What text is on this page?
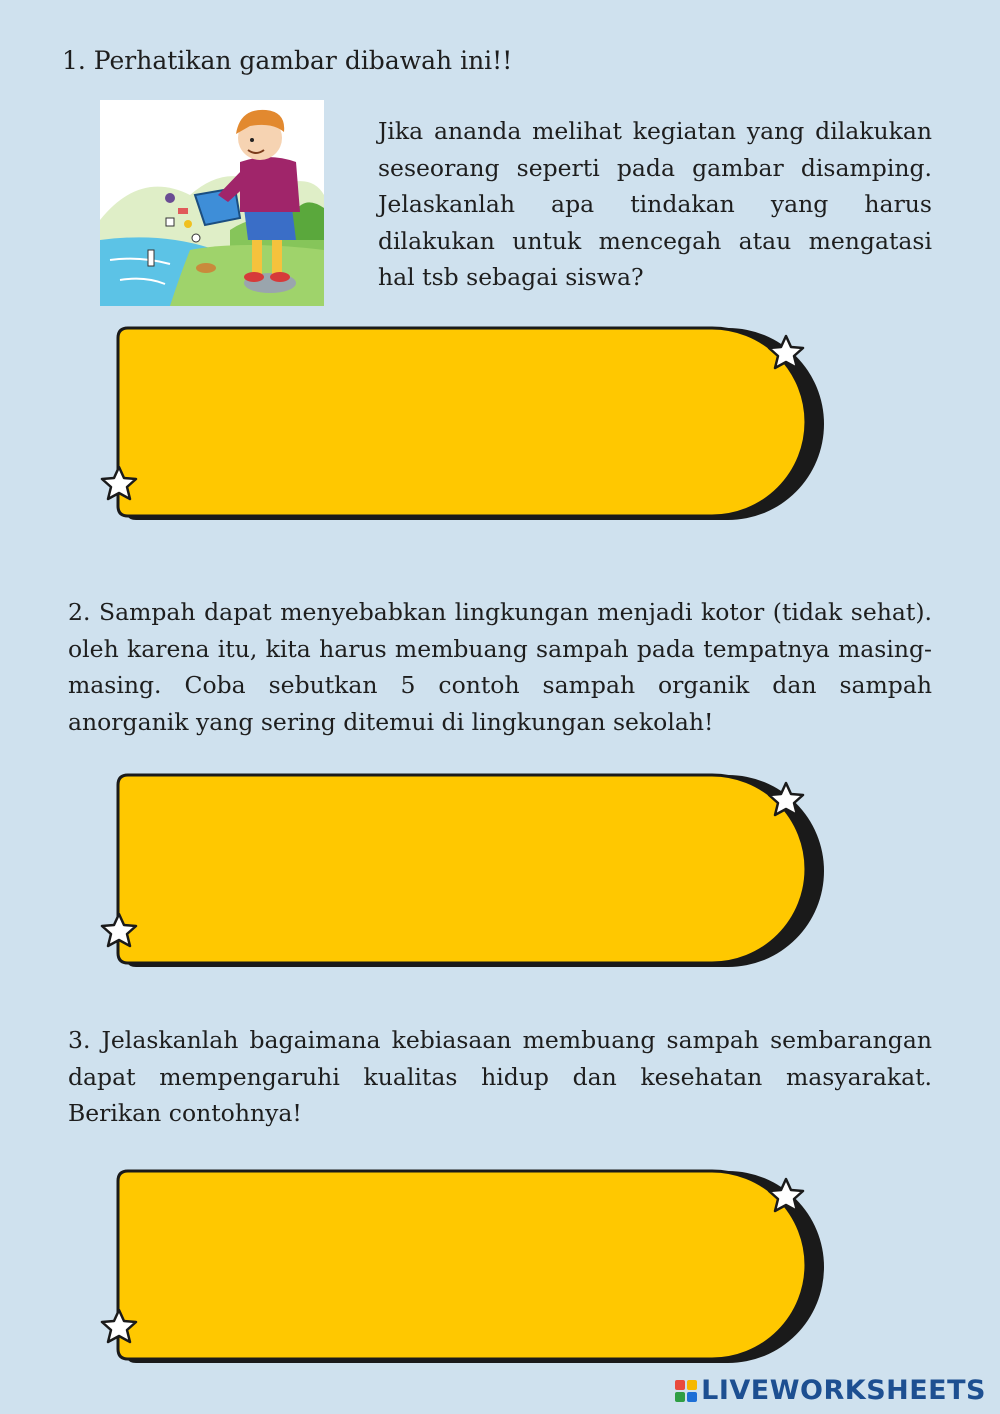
1. Perhatikan gambar dibawah ini!!

Jika ananda melihat kegiatan yang dilakukan seseorang seperti pada gambar disamping. Jelaskanlah apa tindakan yang harus dilakukan untuk mencegah atau mengatasi hal tsb sebagai siswa?

2. Sampah dapat menyebabkan lingkungan menjadi kotor (tidak sehat). oleh karena itu, kita harus membuang sampah pada tempatnya masing-masing. Coba sebutkan 5 contoh sampah organik dan sampah anorganik yang sering ditemui di lingkungan sekolah!

3. Jelaskanlah bagaimana kebiasaan membuang sampah sembarangan dapat mempengaruhi kualitas hidup dan kesehatan masyarakat. Berikan contohnya!

LIVEWORKSHEETS
